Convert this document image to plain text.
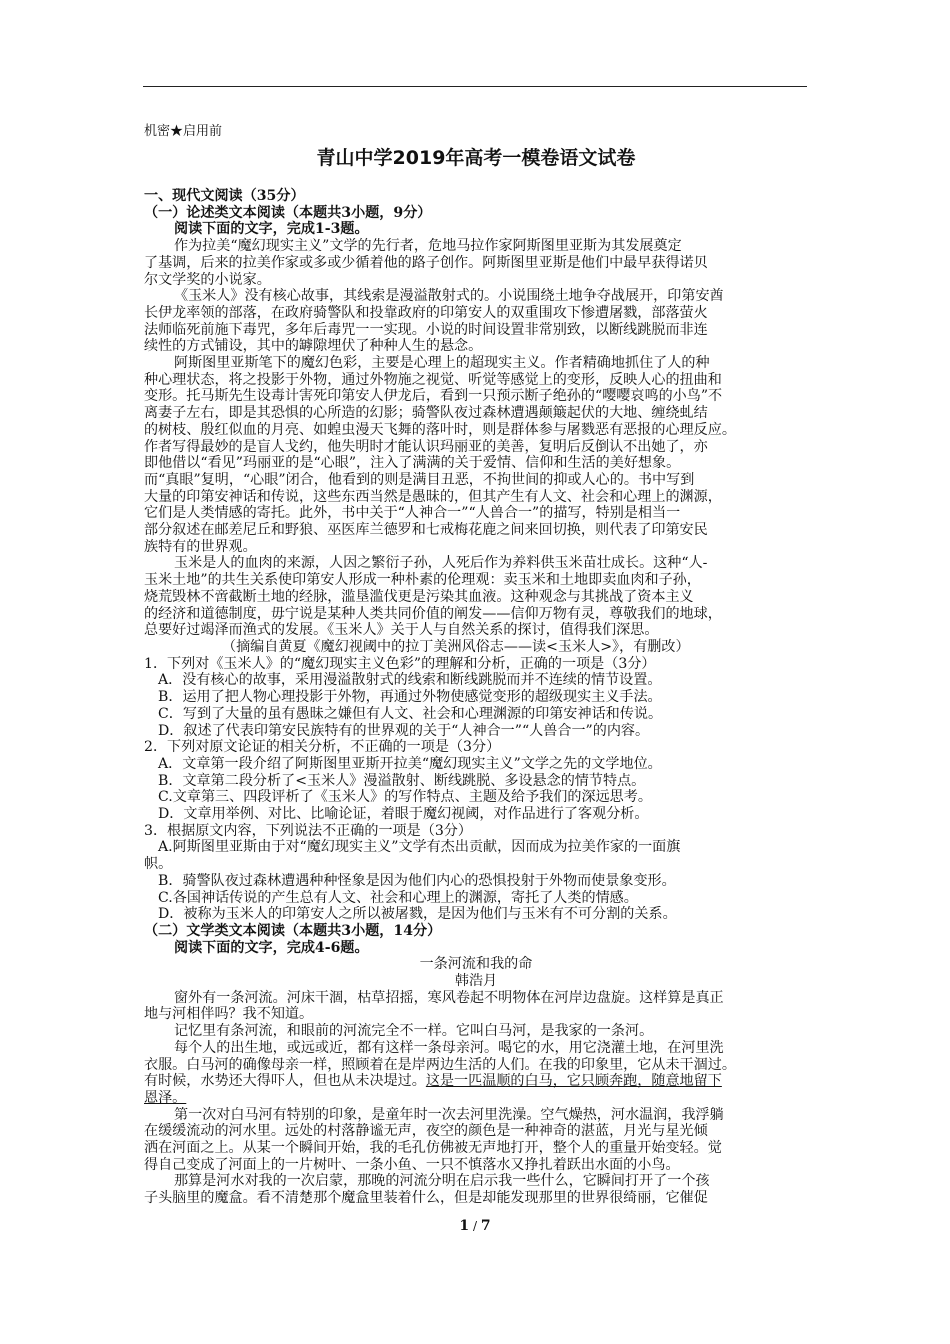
机密★启用前
青山中学2019年高考一模卷语文试卷
一、现代文阅读（35分）
（一）论述类文本阅读（本题共3小题，9分）
阅读下面的文字，完成1-3题。
作为拉美“魔幻现实主义”文学的先行者，危地马拉作家阿斯图里亚斯为其发展奠定
了基调，后来的拉美作家或多或少循着他的路子创作。阿斯图里亚斯是他们中最早获得诺贝
尔文学奖的小说家。
《玉米人》没有核心故事，其线索是漫溢散射式的。小说围绕土地争夺战展开，印第安酋
长伊龙率领的部落，在政府骑警队和投靠政府的印第安人的双重围攻下惨遭屠戮，部落萤火
法师临死前施下毒咒，多年后毒咒一一实现。小说的时间设置非常别致，以断线跳脱而非连
续性的方式铺设，其中的罅隙埋伏了种种人生的悬念。
阿斯图里亚斯笔下的魔幻色彩，主要是心理上的超现实主义。作者精确地抓住了人的种
种心理状态，将之投影于外物，通过外物施之视觉、听觉等感觉上的变形，反映人心的扭曲和
变形。托马斯先生设毒计害死印第安人伊龙后，看到一只预示断子绝孙的“嘤嘤哀鸣的小鸟”不
离妻子左右，即是其恐惧的心所造的幻影；骑警队夜过森林遭遇颠簸起伏的大地、缠绕虬结
的树枝、殷红似血的月亮、如蝗虫漫天飞舞的落叶时，则是群体参与屠戮恶有恶报的心理反应。
作者写得最妙的是盲人戈约，他失明时才能认识玛丽亚的美善，复明后反倒认不出她了，亦
即他借以“看见”玛丽亚的是“心眼”，注入了满满的关于爱情、信仰和生活的美好想象。
而“真眼”复明，“心眼”闭合，他看到的则是满目丑恶，不拘世间的抑或人心的。书中写到
大量的印第安神话和传说，这些东西当然是愚昧的，但其产生有人文、社会和心理上的渊源，
它们是人类情感的寄托。此外，书中关于“人神合一”“人兽合一”的描写，特别是相当一
部分叙述在邮差尼丘和野狼、巫医库兰德罗和七戒梅花鹿之间来回切换，则代表了印第安民
族特有的世界观。
玉米是人的血肉的来源，人因之繁衍子孙，人死后作为养料供玉米苗壮成长。这种“人-
玉米土地”的共生关系使印第安人形成一种朴素的伦理观：卖玉米和土地即卖血肉和子孙，
烧荒毁林不啻截断土地的经脉，滥垦滥伐更是污染其血液。这种观念与其挑战了资本主义
的经济和道德制度，毋宁说是某种人类共同价值的阐发——信仰万物有灵，尊敬我们的地球，
总要好过竭泽而渔式的发展。《玉米人》关于人与自然关系的探讨，值得我们深思。
（摘编自黄夏《魔幻视阈中的拉丁美洲风俗志——读<玉米人>》，有删改）
1．下列对《玉米人》的“魔幻现实主义色彩”的理解和分析，正确的一项是（3分）
A．没有核心的故事，采用漫溢散射式的线索和断线跳脱而并不连续的情节设置。
B．运用了把人物心理投影于外物，再通过外物使感觉变形的超级现实主义手法。
C．写到了大量的虽有愚昧之嫌但有人文、社会和心理渊源的印第安神话和传说。
D．叙述了代表印第安民族特有的世界观的关于“人神合一”“人兽合一”的内容。
2．下列对原文论证的相关分析，不正确的一项是（3分）
A．文章第一段介绍了阿斯图里亚斯开拉美“魔幻现实主义”文学之先的文学地位。
B．文章第二段分析了<玉米人》漫溢散射、断线跳脱、多设悬念的情节特点。
C.文章第三、四段评析了《玉米人》的写作特点、主题及给予我们的深远思考。
D．文章用举例、对比、比喻论证，着眼于魔幻视阈，对作品进行了客观分析。
3．根据原文内容，下列说法不正确的一项是（3分）
A.阿斯图里亚斯由于对“魔幻现实主义”文学有杰出贡献，因而成为拉美作家的一面旗
帜。
B．骑警队夜过森林遭遇种种怪象是因为他们内心的恐惧投射于外物而使景象变形。
C.各国神话传说的产生总有人文、社会和心理上的渊源，寄托了人类的情感。
D．被称为玉米人的印第安人之所以被屠戮，是因为他们与玉米有不可分割的关系。
（二）文学类文本阅读（本题共3小题，14分）
阅读下面的文字，完成4-6题。
一条河流和我的命
韩浩月
窗外有一条河流。河床干涸，枯草招摇，寒风卷起不明物体在河岸边盘旋。这样算是真正
地与河相伴吗？我不知道。
记忆里有条河流，和眼前的河流完全不一样。它叫白马河，是我家的一条河。
每个人的出生地，或远或近，都有这样一条母亲河。喝它的水，用它浇灌土地，在河里洗
衣服。白马河的确像母亲一样，照顾着在是岸两边生活的人们。在我的印象里，它从未干涸过。
有时候，水势还大得吓人，但也从未决堤过。这是一匹温顺的白马，它只顾奔跑，随意地留下
恩泽。
第一次对白马河有特别的印象，是童年时一次去河里洗澡。空气燥热，河水温润，我浮躺
在缓缓流动的河水里。远处的村落静谧无声，夜空的颜色是一种神奇的湛蓝，月光与星光倾
洒在河面之上。从某一个瞬间开始，我的毛孔仿佛被无声地打开，整个人的重量开始变轻。觉
得自己变成了河面上的一片树叶、一条小鱼、一只不慎落水又挣扎着跃出水面的小鸟。
那算是河水对我的一次启蒙，那晚的河流分明在启示我一些什么，它瞬间打开了一个孩
子头脑里的魔盒。看不清楚那个魔盒里装着什么，但是却能发现那里的世界很绮丽，它催促
1 / 7
